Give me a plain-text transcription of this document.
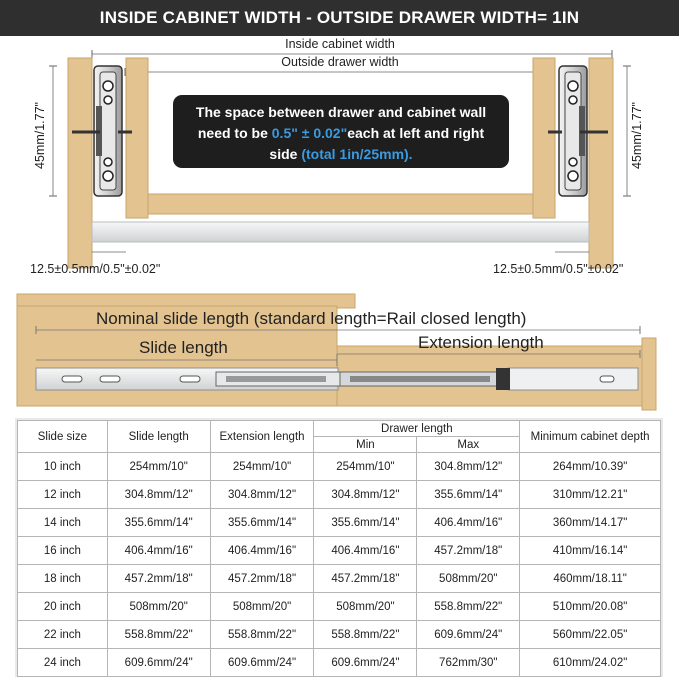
INSIDE CABINET WIDTH - OUTSIDE DRAWER WIDTH= 1IN
Inside cabinet width
Outside drawer width
45mm/1.77"	45mm/1.77"
12.5±0.5mm/0.5"±0.02"	12.5±0.5mm/0.5"±0.02"
The space between drawer and cabinet wall
need to be 0.5" ± 0.02"each at left and right
side (total 1in/25mm).
Nominal slide length (standard length=Rail closed length)
Slide length	Extension length
Slide size	Slide length	Extension length	Drawer length		Minimum cabinet depth
			Min	Max	
10 inch	254mm/10"	254mm/10"	254mm/10"	304.8mm/12"	264mm/10.39"
12 inch	304.8mm/12"	304.8mm/12"	304.8mm/12"	355.6mm/14"	310mm/12.21"
14 inch	355.6mm/14"	355.6mm/14"	355.6mm/14"	406.4mm/16"	360mm/14.17"
16 inch	406.4mm/16"	406.4mm/16"	406.4mm/16"	457.2mm/18"	410mm/16.14"
18 inch	457.2mm/18"	457.2mm/18"	457.2mm/18"	508mm/20"	460mm/18.11"
20 inch	508mm/20"	508mm/20"	508mm/20"	558.8mm/22"	510mm/20.08"
22 inch	558.8mm/22"	558.8mm/22"	558.8mm/22"	609.6mm/24"	560mm/22.05"
24 inch	609.6mm/24"	609.6mm/24"	609.6mm/24"	762mm/30"	610mm/24.02"
